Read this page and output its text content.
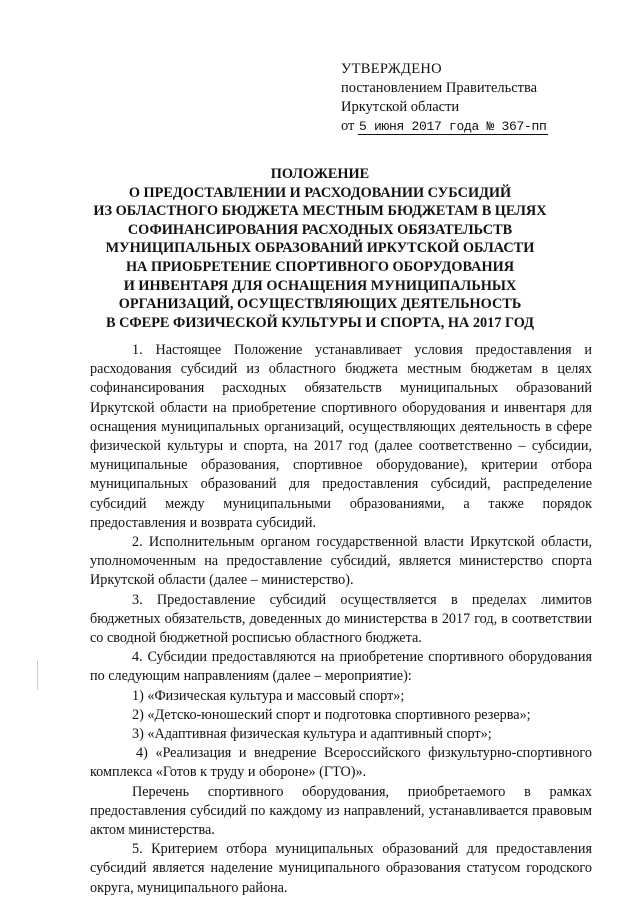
УТВЕРЖДЕНО
постановлением Правительства
Иркутской области
от 5 июня 2017 года № 367-пп
ПОЛОЖЕНИЕ
О ПРЕДОСТАВЛЕНИИ И РАСХОДОВАНИИ СУБСИДИЙ
ИЗ ОБЛАСТНОГО БЮДЖЕТА МЕСТНЫМ БЮДЖЕТАМ В ЦЕЛЯХ
СОФИНАНСИРОВАНИЯ РАСХОДНЫХ ОБЯЗАТЕЛЬСТВ
МУНИЦИПАЛЬНЫХ ОБРАЗОВАНИЙ ИРКУТСКОЙ ОБЛАСТИ
НА ПРИОБРЕТЕНИЕ СПОРТИВНОГО ОБОРУДОВАНИЯ
И ИНВЕНТАРЯ ДЛЯ ОСНАЩЕНИЯ МУНИЦИПАЛЬНЫХ
ОРГАНИЗАЦИЙ, ОСУЩЕСТВЛЯЮЩИХ ДЕЯТЕЛЬНОСТЬ
В СФЕРЕ ФИЗИЧЕСКОЙ КУЛЬТУРЫ И СПОРТА, НА 2017 ГОД

1. Настоящее Положение устанавливает условия предоставления и расходования субсидий из областного бюджета местным бюджетам в целях софинансирования расходных обязательств муниципальных образований Иркутской области на приобретение спортивного оборудования и инвентаря для оснащения муниципальных организаций, осуществляющих деятельность в сфере физической культуры и спорта, на 2017 год (далее соответственно – субсидии, муниципальные образования, спортивное оборудование), критерии отбора муниципальных образований для предоставления субсидий, распределение субсидий между муниципальными образованиями, а также порядок предоставления и возврата субсидий.

2. Исполнительным органом государственной власти Иркутской области, уполномоченным на предоставление субсидий, является министерство спорта Иркутской области (далее – министерство).

3. Предоставление субсидий осуществляется в пределах лимитов бюджетных обязательств, доведенных до министерства в 2017 год, в соответствии со сводной бюджетной росписью областного бюджета.

4. Субсидии предоставляются на приобретение спортивного оборудования по следующим направлениям (далее – мероприятие):

1) «Физическая культура и массовый спорт»;

2) «Детско-юношеский спорт и подготовка спортивного резерва»;

3) «Адаптивная физическая культура и адаптивный спорт»;

4) «Реализация и внедрение Всероссийского физкультурно-спортивного комплекса «Готов к труду и обороне» (ГТО)».

Перечень спортивного оборудования, приобретаемого в рамках предоставления субсидий по каждому из направлений, устанавливается правовым актом министерства.

5. Критерием отбора муниципальных образований для предоставления субсидий является наделение муниципального образования статусом городского округа, муниципального района.
